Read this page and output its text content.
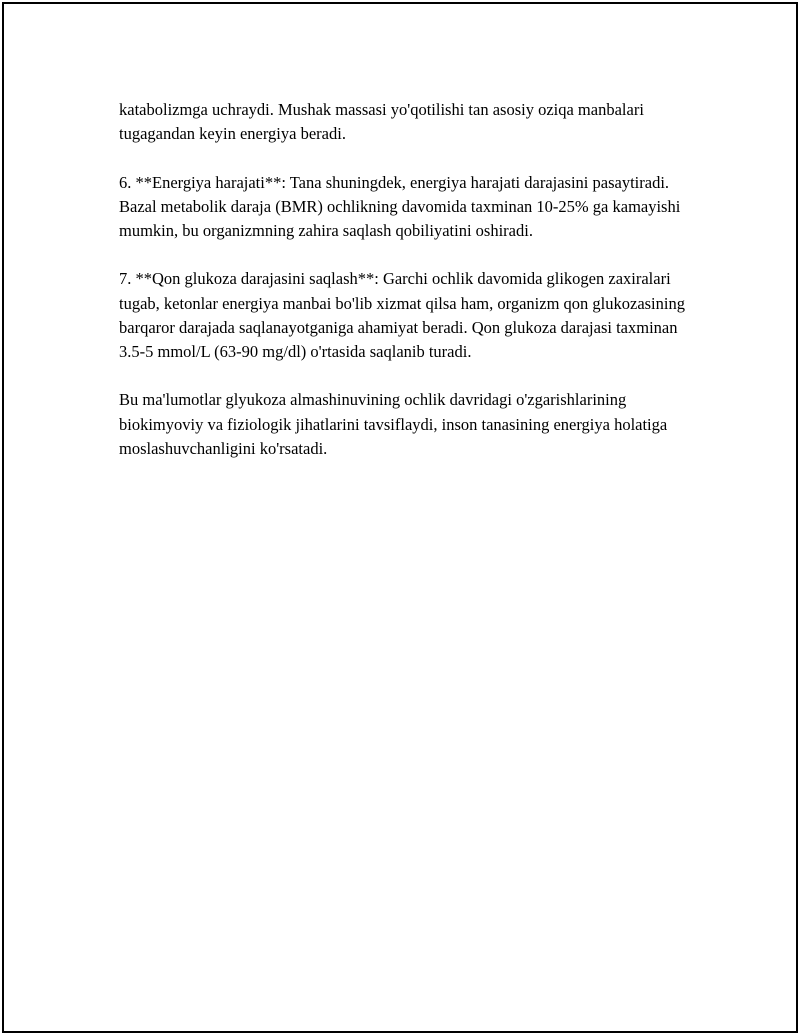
katabolizmga uchraydi. Mushak massasi yo'qotilishi tan asosiy oziqa manbalari tugagandan keyin energiya beradi.

6. **Energiya harajati**: Tana shuningdek, energiya harajati darajasini pasaytiradi. Bazal metabolik daraja (BMR) ochlikning davomida taxminan 10-25% ga kamayishi mumkin, bu organizmning zahira saqlash qobiliyatini oshiradi.

7. **Qon glukoza darajasini saqlash**: Garchi ochlik davomida glikogen zaxiralari tugab, ketonlar energiya manbai bo'lib xizmat qilsa ham, organizm qon glukozasining barqaror darajada saqlanayotganiga ahamiyat beradi. Qon glukoza darajasi taxminan 3.5-5 mmol/L (63-90 mg/dl) o'rtasida saqlanib turadi.

Bu ma'lumotlar glyukoza almashinuvining ochlik davridagi o'zgarishlarining biokimyoviy va fiziologik jihatlarini tavsiflaydi, inson tanasining energiya holatiga moslashuvchanligini ko'rsatadi.
